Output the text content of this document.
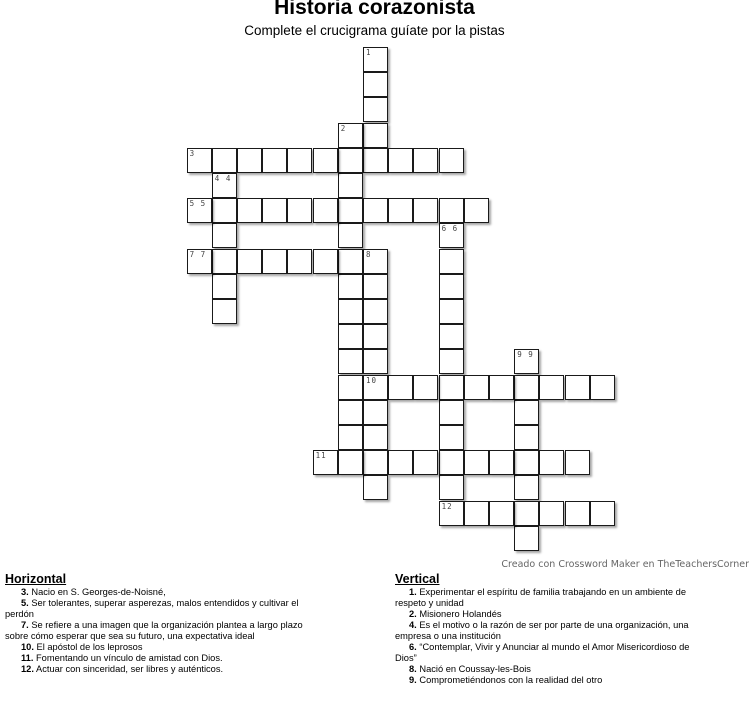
Historia corazonista

Complete el crucigrama guíate por la pistas

1
2
3
4 4
5 5
6 6
7 7	8
10
9 9
11
12
Creado con Crossword Maker en TheTeachersCorner
Horizontal
3. Nacio en S. Georges-de-Noisné,
5. Ser tolerantes, superar asperezas, malos entendidos y cultivar el
perdón
7. Se refiere a una imagen que la organización plantea a largo plazo
sobre cómo esperar que sea su futuro, una expectativa ideal
10. El apóstol de los leprosos
11. Fomentando un vínculo de amistad con Dios.
12. Actuar con sinceridad, ser libres y auténticos.
Vertical
1. Experimentar el espíritu de familia trabajando en un ambiente de
respeto y unidad
2. Misionero Holandés
4. Es el motivo o la razón de ser por parte de una organización, una
empresa o una institución
6. “Contemplar, Vivir y Anunciar al mundo el Amor Misericordioso de
Dios”
8. Nació en Coussay-les-Bois
9. Comprometiéndonos con la realidad del otro
